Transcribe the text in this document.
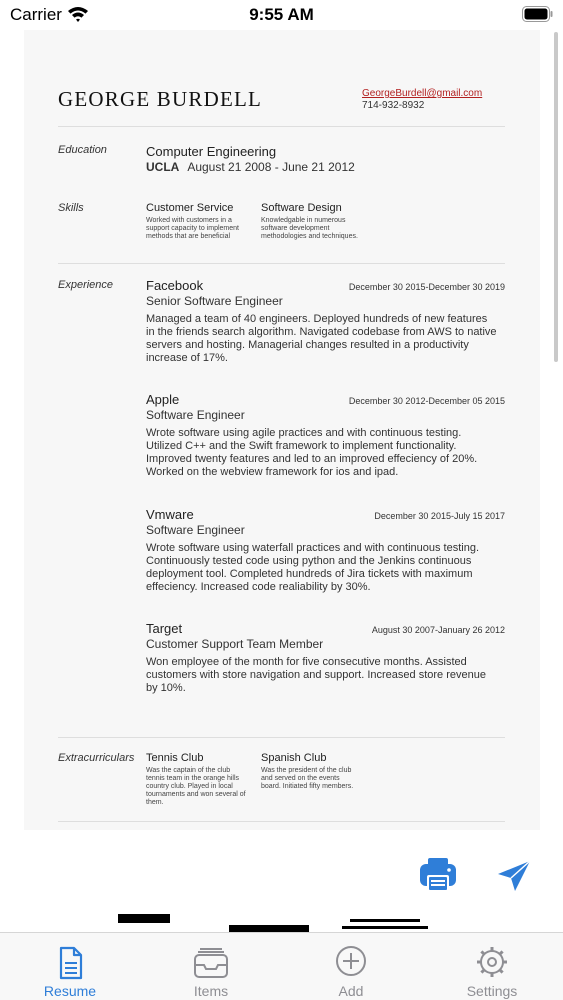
Carrier	9:55 AM
GEORGE BURDELL	GeorgeBurdell@gmail.com
714-932-8932
Education	Computer Engineering
UCLA August 21 2008 - June 21 2012
Skills	Customer Service
Worked with customers in a support capacity to implement methods that are beneficial
Software Design
Knowledgable in numerous software development methodologies and techniques.
Experience	Facebook	December 30 2015-December 30 2019
Senior Software Engineer
Managed a team of 40 engineers. Deployed hundreds of new features in the friends search algorithm. Navigated codebase from AWS to native servers and hosting. Managerial changes resulted in a productivity increase of 17%.
Apple	December 30 2012-December 05 2015
Software Engineer
Wrote software using agile practices and with continuous testing. Utilized C++ and the Swift framework to implement functionality. Improved twenty features and led to an improved effeciency of 20%. Worked on the webview framework for ios and ipad.
Vmware	December 30 2015-July 15 2017
Software Engineer
Wrote software using waterfall practices and with continuous testing. Continuously tested code using python and the Jenkins continuous deployment tool. Completed hundreds of Jira tickets with maximum effeciency. Increased code realiability by 30%.
Target	August 30 2007-January 26 2012
Customer Support Team Member
Won employee of the month for five consecutive months. Assisted customers with store navigation and support. Increased store revenue by 10%.
Extracurriculars Tennis Club
Was the captain of the club tennis team in the orange hills country club. Played in local tournaments and won several of them.
Spanish Club
Was the president of the club and served on the events board. Initiated fifty members.
Resume	Items	Add	Settings
